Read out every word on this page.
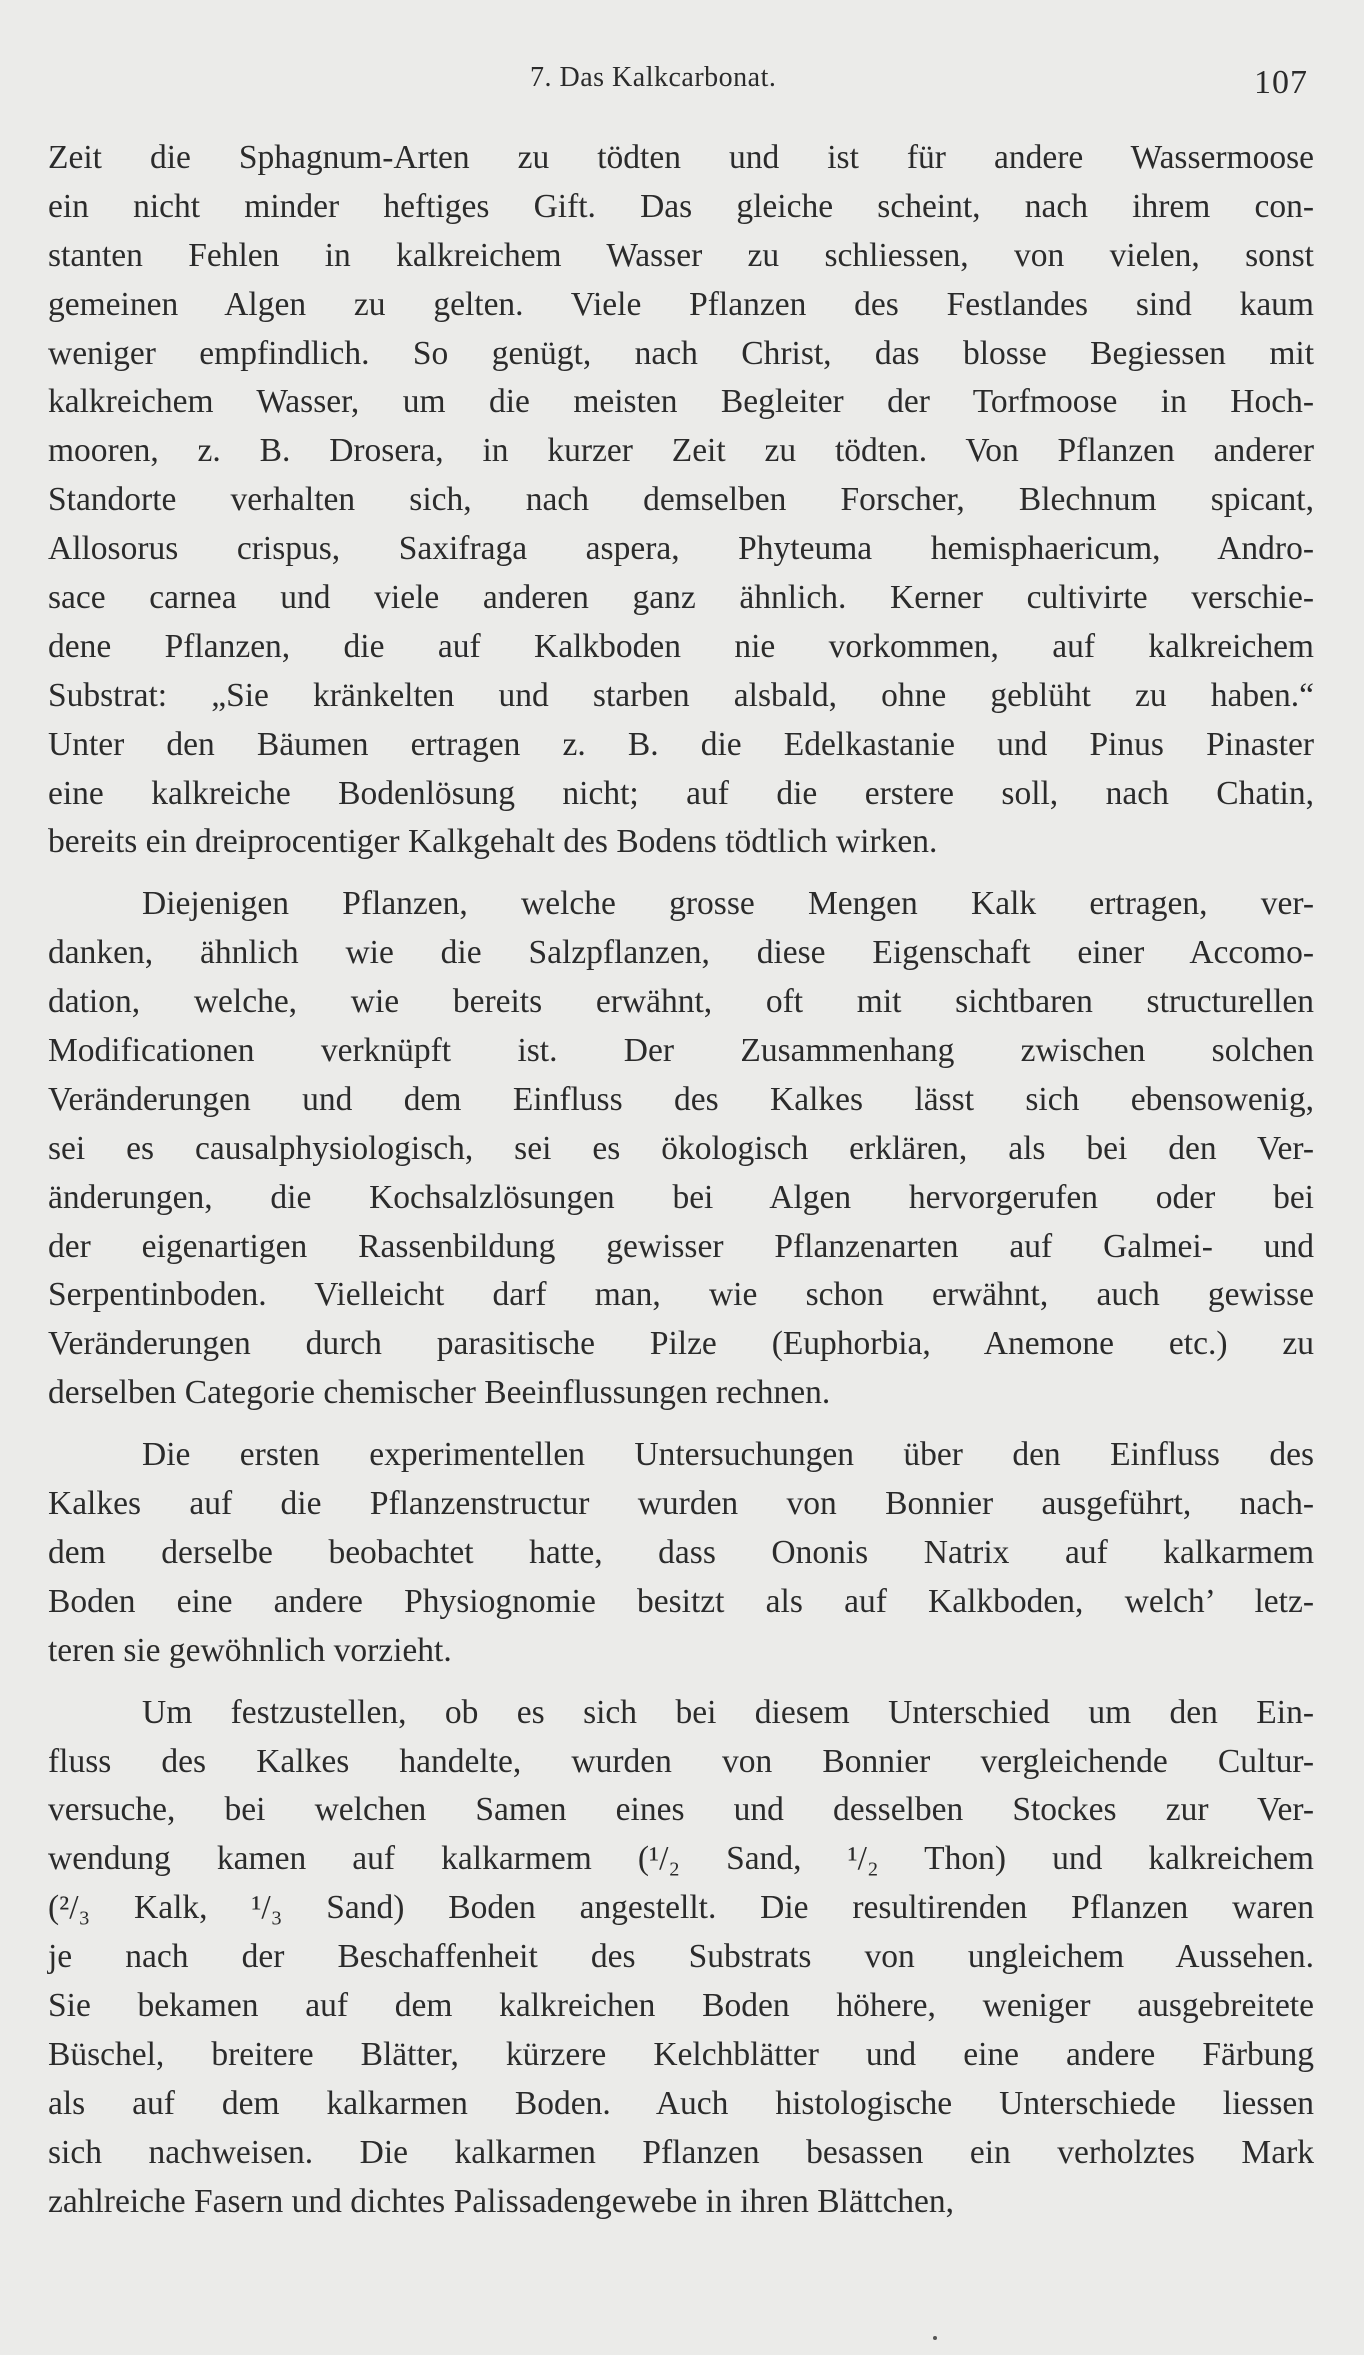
7. Das Kalkcarbonat.	107

Zeit die Sphagnum-Arten zu tödten und ist für andere Wassermoose
ein nicht minder heftiges Gift. Das gleiche scheint, nach ihrem con-
stanten Fehlen in kalkreichem Wasser zu schliessen, von vielen, sonst
gemeinen Algen zu gelten. Viele Pflanzen des Festlandes sind kaum
weniger empfindlich. So genügt, nach Christ, das blosse Begiessen mit
kalkreichem Wasser, um die meisten Begleiter der Torfmoose in Hoch-
mooren, z. B. Drosera, in kurzer Zeit zu tödten. Von Pflanzen anderer
Standorte verhalten sich, nach demselben Forscher, Blechnum spicant,
Allosorus crispus, Saxifraga aspera, Phyteuma hemisphaericum, Andro-
sace carnea und viele anderen ganz ähnlich. Kerner cultivirte verschie-
dene Pflanzen, die auf Kalkboden nie vorkommen, auf kalkreichem
Substrat: „Sie kränkelten und starben alsbald, ohne geblüht zu haben.“
Unter den Bäumen ertragen z. B. die Edelkastanie und Pinus Pinaster
eine kalkreiche Bodenlösung nicht; auf die erstere soll, nach Chatin,
bereits ein dreiprocentiger Kalkgehalt des Bodens tödtlich wirken.

Diejenigen Pflanzen, welche grosse Mengen Kalk ertragen, ver-
danken, ähnlich wie die Salzpflanzen, diese Eigenschaft einer Accomo-
dation, welche, wie bereits erwähnt, oft mit sichtbaren structurellen
Modificationen verknüpft ist. Der Zusammenhang zwischen solchen
Veränderungen und dem Einfluss des Kalkes lässt sich ebensowenig,
sei es causalphysiologisch, sei es ökologisch erklären, als bei den Ver-
änderungen, die Kochsalzlösungen bei Algen hervorgerufen oder bei
der eigenartigen Rassenbildung gewisser Pflanzenarten auf Galmei- und
Serpentinboden. Vielleicht darf man, wie schon erwähnt, auch gewisse
Veränderungen durch parasitische Pilze (Euphorbia, Anemone etc.) zu
derselben Categorie chemischer Beeinflussungen rechnen.

Die ersten experimentellen Untersuchungen über den Einfluss des
Kalkes auf die Pflanzenstructur wurden von Bonnier ausgeführt, nach-
dem derselbe beobachtet hatte, dass Ononis Natrix auf kalkarmem
Boden eine andere Physiognomie besitzt als auf Kalkboden, welch’ letz-
teren sie gewöhnlich vorzieht.

Um festzustellen, ob es sich bei diesem Unterschied um den Ein-
fluss des Kalkes handelte, wurden von Bonnier vergleichende Cultur-
versuche, bei welchen Samen eines und desselben Stockes zur Ver-
wendung kamen auf kalkarmem (¹/₂ Sand, ¹/₂ Thon) und kalkreichem
(²/₃ Kalk, ¹/₃ Sand) Boden angestellt. Die resultirenden Pflanzen waren
je nach der Beschaffenheit des Substrats von ungleichem Aussehen.
Sie bekamen auf dem kalkreichen Boden höhere, weniger ausgebreitete
Büschel, breitere Blätter, kürzere Kelchblätter und eine andere Färbung
als auf dem kalkarmen Boden. Auch histologische Unterschiede liessen
sich nachweisen. Die kalkarmen Pflanzen besassen ein verholztes Mark
zahlreiche Fasern und dichtes Palissadengewebe in ihren Blättchen,
